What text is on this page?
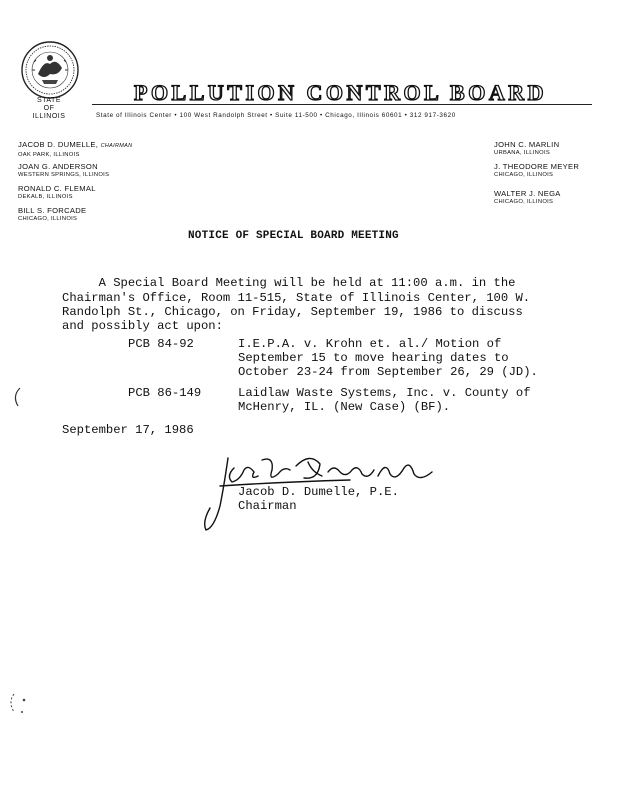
STATE
OF
ILLINOIS
POLLUTION CONTROL BOARD
State of Illinois Center • 100 West Randolph Street • Suite 11-500 • Chicago, Illinois 60601 • 312 917-3620
JACOB D. DUMELLE, CHAIRMAN
OAK PARK, ILLINOIS
JOAN G. ANDERSON
WESTERN SPRINGS, ILLINOIS
RONALD C. FLEMAL
DEKALB, ILLINOIS
BILL S. FORCADE
CHICAGO, ILLINOIS
JOHN C. MARLIN
URBANA, ILLINOIS
J. THEODORE MEYER
CHICAGO, ILLINOIS
WALTER J. NEGA
CHICAGO, ILLINOIS
NOTICE OF SPECIAL BOARD MEETING
A Special Board Meeting will be held at 11:00 a.m. in the
Chairman's Office, Room 11-515, State of Illinois Center, 100 W.
Randolph St., Chicago, on Friday, September 19, 1986 to discuss
and possibly act upon:
PCB 84-92	I.E.P.A. v. Krohn et. al./ Motion of
September 15 to move hearing dates to
October 23-24 from September 26, 29 (JD).
PCB 86-149	Laidlaw Waste Systems, Inc. v. County of
McHenry, IL. (New Case) (BF).
September 17, 1986
Jacob D. Dumelle, P.E.
Chairman
